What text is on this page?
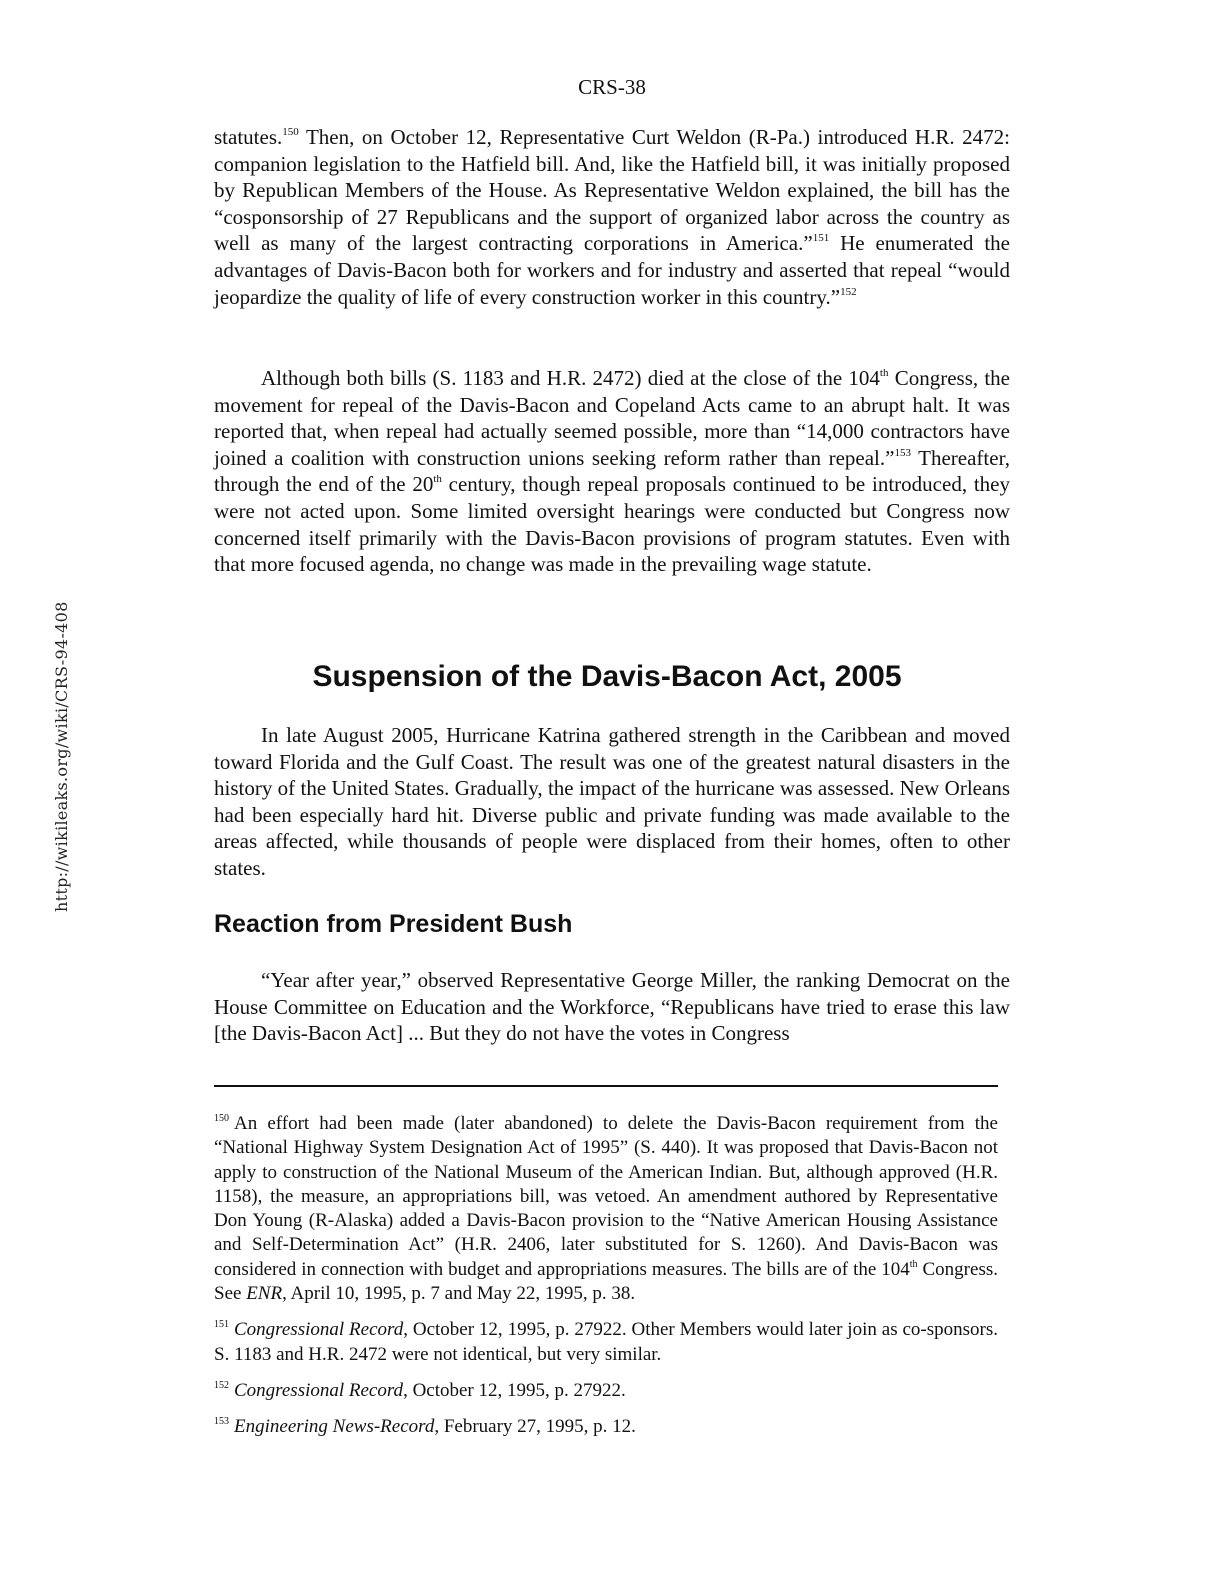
CRS-38
http://wikileaks.org/wiki/CRS-94-408

statutes.$^{150}$ Then, on October 12, Representative Curt Weldon (R-Pa.) introduced H.R. 2472: companion legislation to the Hatfield bill. And, like the Hatfield bill, it was initially proposed by Republican Members of the House. As Representative Weldon explained, the bill has the “cosponsorship of 27 Republicans and the support of organized labor across the country as well as many of the largest contracting corporations in America.”$^{151}$ He enumerated the advantages of Davis-Bacon both for workers and for industry and asserted that repeal “would jeopardize the quality of life of every construction worker in this country.”$^{152}$

Although both bills (S. 1183 and H.R. 2472) died at the close of the 104th Congress, the movement for repeal of the Davis-Bacon and Copeland Acts came to an abrupt halt. It was reported that, when repeal had actually seemed possible, more than “14,000 contractors have joined a coalition with construction unions seeking reform rather than repeal.”$^{153}$ Thereafter, through the end of the 20th century, though repeal proposals continued to be introduced, they were not acted upon. Some limited oversight hearings were conducted but Congress now concerned itself primarily with the Davis-Bacon provisions of program statutes. Even with that more focused agenda, no change was made in the prevailing wage statute.

Suspension of the Davis-Bacon Act, 2005

In late August 2005, Hurricane Katrina gathered strength in the Caribbean and moved toward Florida and the Gulf Coast. The result was one of the greatest natural disasters in the history of the United States. Gradually, the impact of the hurricane was assessed. New Orleans had been especially hard hit. Diverse public and private funding was made available to the areas affected, while thousands of people were displaced from their homes, often to other states.

Reaction from President Bush

“Year after year,” observed Representative George Miller, the ranking Democrat on the House Committee on Education and the Workforce, “Republicans have tried to erase this law [the Davis-Bacon Act] ... But they do not have the votes in Congress

$^{150}$ An effort had been made (later abandoned) to delete the Davis-Bacon requirement from the “National Highway System Designation Act of 1995” (S. 440). It was proposed that Davis-Bacon not apply to construction of the National Museum of the American Indian. But, although approved (H.R. 1158), the measure, an appropriations bill, was vetoed. An amendment authored by Representative Don Young (R-Alaska) added a Davis-Bacon provision to the “Native American Housing Assistance and Self-Determination Act” (H.R. 2406, later substituted for S. 1260). And Davis-Bacon was considered in connection with budget and appropriations measures. The bills are of the 104th Congress. See ENR, April 10, 1995, p. 7 and May 22, 1995, p. 38.

$^{151}$ Congressional Record, October 12, 1995, p. 27922. Other Members would later join as co-sponsors. S. 1183 and H.R. 2472 were not identical, but very similar.

$^{152}$ Congressional Record, October 12, 1995, p. 27922.

$^{153}$ Engineering News-Record, February 27, 1995, p. 12.
